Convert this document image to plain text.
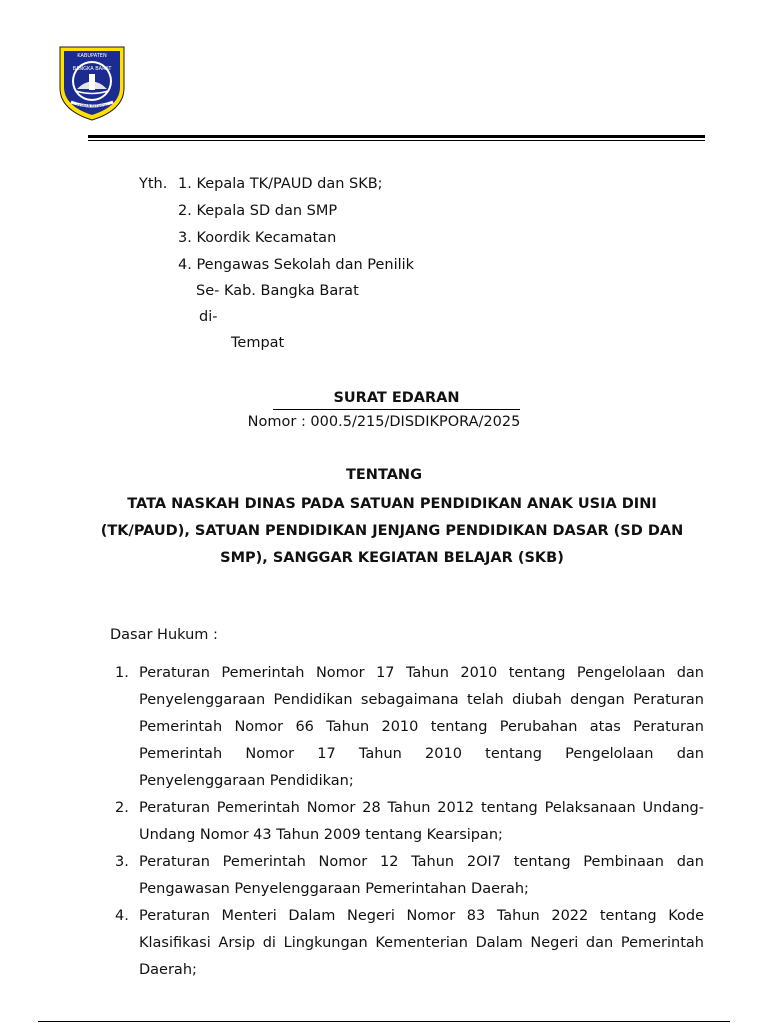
KABUPATEN
BANGKA BARAT
SEJIRAN SETASON
Yth. 1. Kepala TK/PAUD dan SKB;
2. Kepala SD dan SMP
3. Koordik Kecamatan
4. Pengawas Sekolah dan Penilik
Se- Kab. Bangka Barat
di-
Tempat
SURAT EDARAN
Nomor : 000.5/215/DISDIKPORA/2025
TENTANG
TATA NASKAH DINAS PADA SATUAN PENDIDIKAN ANAK USIA DINI (TK/PAUD), SATUAN PENDIDIKAN JENJANG PENDIDIKAN DASAR (SD DAN SMP), SANGGAR KEGIATAN BELAJAR (SKB)
Dasar Hukum :
1. Peraturan Pemerintah Nomor 17 Tahun 2010 tentang Pengelolaan dan Penyelenggaraan Pendidikan sebagaimana telah diubah dengan Peraturan Pemerintah Nomor 66 Tahun 2010 tentang Perubahan atas Peraturan Pemerintah Nomor 17 Tahun 2010 tentang Pengelolaan dan Penyelenggaraan Pendidikan;
2. Peraturan Pemerintah Nomor 28 Tahun 2012 tentang Pelaksanaan Undang-Undang Nomor 43 Tahun 2009 tentang Kearsipan;
3. Peraturan Pemerintah Nomor 12 Tahun 2OI7 tentang Pembinaan dan Pengawasan Penyelenggaraan Pemerintahan Daerah;
4. Peraturan Menteri Dalam Negeri Nomor 83 Tahun 2022 tentang Kode Klasifikasi Arsip di Lingkungan Kementerian Dalam Negeri dan Pemerintah Daerah;
